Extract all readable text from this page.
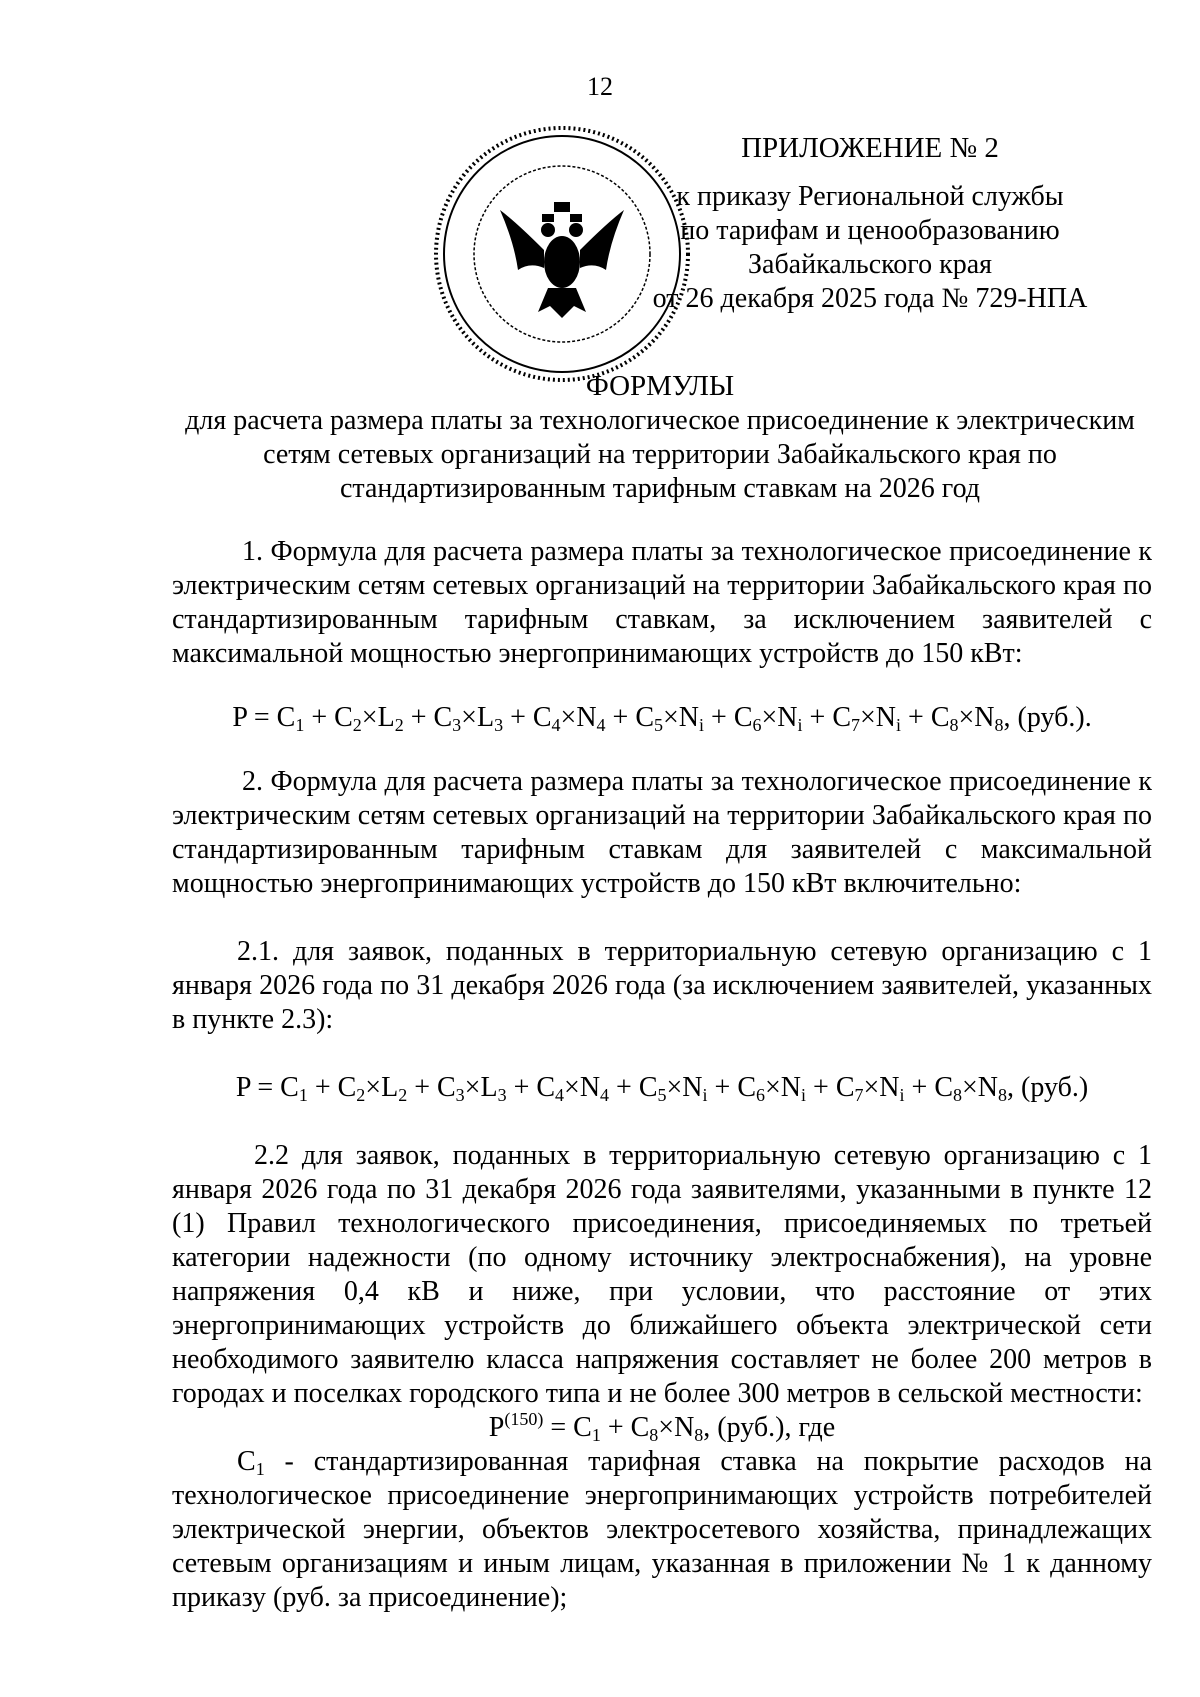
12
ПРИЛОЖЕНИЕ № 2
к приказу Региональной службы
по тарифам и ценообразованию
Забайкальского края
от 26 декабря 2025 года № 729-НПА
ФОРМУЛЫ
для расчета размера платы за технологическое присоединение к электрическим
сетям сетевых организаций на территории Забайкальского края по
стандартизированным тарифным ставкам на 2026 год

1. Формула для расчета размера платы за технологическое присоединение к электрическим сетям сетевых организаций на территории Забайкальского края по стандартизированным тарифным ставкам, за исключением заявителей с максимальной мощностью энергопринимающих устройств до 150 кВт:

$P = C_1 + C_2\times L_2 + C_3\times L_3 + C_4\times N_4 + C_5\times N_i + C_6\times N_i + C_7\times N_i + C_8\times N_8$, (руб.).

2. Формула для расчета размера платы за технологическое присоединение к электрическим сетям сетевых организаций на территории Забайкальского края по стандартизированным тарифным ставкам для заявителей с максимальной мощностью энергопринимающих устройств до 150 кВт включительно:

2.1. для заявок, поданных в территориальную сетевую организацию с 1 января 2026 года по 31 декабря 2026 года (за исключением заявителей, указанных в пункте 2.3):

$P = C_1 + C_2\times L_2 + C_3\times L_3 + C_4\times N_4 + C_5\times N_i + C_6\times N_i + C_7\times N_i + C_8\times N_8$, (руб.)

2.2 для заявок, поданных в территориальную сетевую организацию с 1 января 2026 года по 31 декабря 2026 года заявителями, указанными в пункте 12 (1) Правил технологического присоединения, присоединяемых по третьей категории надежности (по одному источнику электроснабжения), на уровне напряжения 0,4 кВ и ниже, при условии, что расстояние от этих энергопринимающих устройств до ближайшего объекта электрической сети необходимого заявителю класса напряжения составляет не более 200 метров в городах и поселках городского типа и не более 300 метров в сельской местности:

$P^{(150)} = C_1 + C_8\times N_8$, (руб.), где

$C_1$ - стандартизированная тарифная ставка на покрытие расходов на технологическое присоединение энергопринимающих устройств потребителей электрической энергии, объектов электросетевого хозяйства, принадлежащих сетевым организациям и иным лицам, указанная в приложении № 1 к данному приказу (руб. за присоединение);
